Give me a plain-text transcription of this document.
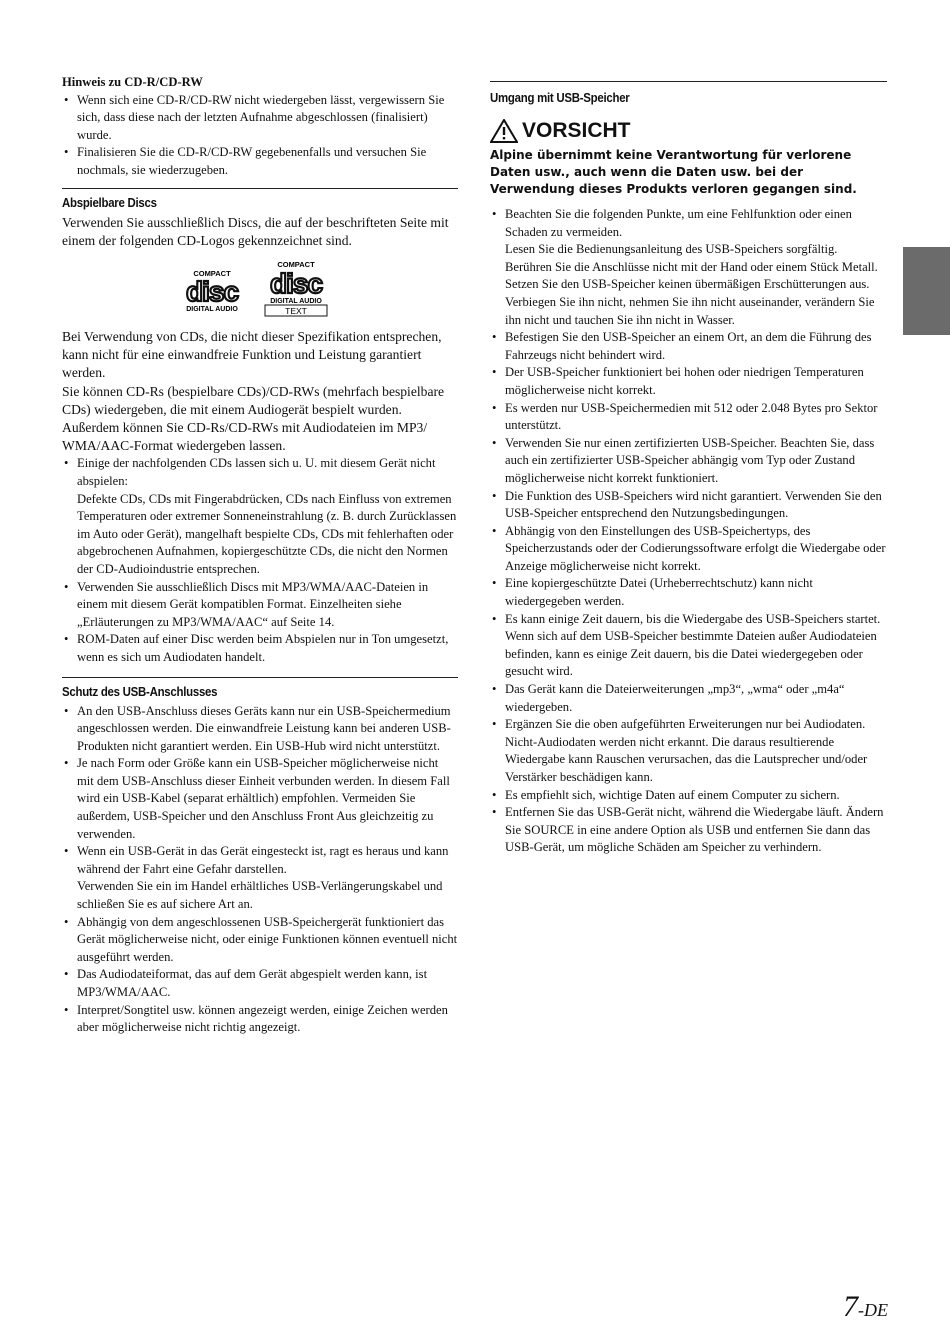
Hinweis zu CD-R/CD-RW

• Wenn sich eine CD-R/CD-RW nicht wiedergeben lässt, vergewissern Sie sich, dass diese nach der letzten Aufnahme abgeschlossen (finalisiert) wurde.
• Finalisieren Sie die CD-R/CD-RW gegebenenfalls und versuchen Sie nochmals, sie wiederzugeben.

Abspielbare Discs

Verwenden Sie ausschließlich Discs, die auf der beschrifteten Seite mit einem der folgenden CD-Logos gekennzeichnet sind.

COMPACT
disc
DIGITAL AUDIO
COMPACT
disc
DIGITAL AUDIO
TEXT

Bei Verwendung von CDs, die nicht dieser Spezifikation entsprechen, kann nicht für eine einwandfreie Funktion und Leistung garantiert werden.

Sie können CD-Rs (bespielbare CDs)/CD-RWs (mehrfach bespielbare CDs) wiedergeben, die mit einem Audiogerät bespielt wurden.

Außerdem können Sie CD-Rs/CD-RWs mit Audiodateien im MP3/ WMA/AAC-Format wiedergeben lassen.

• Einige der nachfolgenden CDs lassen sich u. U. mit diesem Gerät nicht abspielen:
Defekte CDs, CDs mit Fingerabdrücken, CDs nach Einfluss von extremen Temperaturen oder extremer Sonneneinstrahlung (z. B. durch Zurücklassen im Auto oder Gerät), mangelhaft bespielte CDs, CDs mit fehlerhaften oder abgebrochenen Aufnahmen, kopiergeschützte CDs, die nicht den Normen der CD-Audioindustrie entsprechen.
• Verwenden Sie ausschließlich Discs mit MP3/WMA/AAC-Dateien in einem mit diesem Gerät kompatiblen Format. Einzelheiten siehe „Erläuterungen zu MP3/WMA/AAC“ auf Seite 14.
• ROM-Daten auf einer Disc werden beim Abspielen nur in Ton umgesetzt, wenn es sich um Audiodaten handelt.

Schutz des USB-Anschlusses

• An den USB-Anschluss dieses Geräts kann nur ein USB-Speichermedium angeschlossen werden. Die einwandfreie Leistung kann bei anderen USB-Produkten nicht garantiert werden. Ein USB-Hub wird nicht unterstützt.
• Je nach Form oder Größe kann ein USB-Speicher möglicherweise nicht mit dem USB-Anschluss dieser Einheit verbunden werden. In diesem Fall wird ein USB-Kabel (separat erhältlich) empfohlen. Vermeiden Sie außerdem, USB-Speicher und den Anschluss Front Aus gleichzeitig zu verwenden.
• Wenn ein USB-Gerät in das Gerät eingesteckt ist, ragt es heraus und kann während der Fahrt eine Gefahr darstellen.
Verwenden Sie ein im Handel erhältliches USB-Verlängerungskabel und schließen Sie es auf sichere Art an.
• Abhängig von dem angeschlossenen USB-Speichergerät funktioniert das Gerät möglicherweise nicht, oder einige Funktionen können eventuell nicht ausgeführt werden.
• Das Audiodateiformat, das auf dem Gerät abgespielt werden kann, ist MP3/WMA/AAC.
• Interpret/Songtitel usw. können angezeigt werden, einige Zeichen werden aber möglicherweise nicht richtig angezeigt.

Umgang mit USB-Speicher

VORSICHT

Alpine übernimmt keine Verantwortung für verlorene Daten usw., auch wenn die Daten usw. bei der Verwendung dieses Produkts verloren gegangen sind.

• Beachten Sie die folgenden Punkte, um eine Fehlfunktion oder einen Schaden zu vermeiden.
Lesen Sie die Bedienungsanleitung des USB-Speichers sorgfältig.
Berühren Sie die Anschlüsse nicht mit der Hand oder einem Stück Metall.
Setzen Sie den USB-Speicher keinen übermäßigen Erschütterungen aus.
Verbiegen Sie ihn nicht, nehmen Sie ihn nicht auseinander, verändern Sie ihn nicht und tauchen Sie ihn nicht in Wasser.
• Befestigen Sie den USB-Speicher an einem Ort, an dem die Führung des Fahrzeugs nicht behindert wird.
• Der USB-Speicher funktioniert bei hohen oder niedrigen Temperaturen möglicherweise nicht korrekt.
• Es werden nur USB-Speichermedien mit 512 oder 2.048 Bytes pro Sektor unterstützt.
• Verwenden Sie nur einen zertifizierten USB-Speicher. Beachten Sie, dass auch ein zertifizierter USB-Speicher abhängig vom Typ oder Zustand möglicherweise nicht korrekt funktioniert.
• Die Funktion des USB-Speichers wird nicht garantiert. Verwenden Sie den USB-Speicher entsprechend den Nutzungsbedingungen.
• Abhängig von den Einstellungen des USB-Speichertyps, des Speicherzustands oder der Codierungssoftware erfolgt die Wiedergabe oder Anzeige möglicherweise nicht korrekt.
• Eine kopiergeschützte Datei (Urheberrechtschutz) kann nicht wiedergegeben werden.
• Es kann einige Zeit dauern, bis die Wiedergabe des USB-Speichers startet. Wenn sich auf dem USB-Speicher bestimmte Dateien außer Audiodateien befinden, kann es einige Zeit dauern, bis die Datei wiedergegeben oder gesucht wird.
• Das Gerät kann die Dateierweiterungen „mp3“, „wma“ oder „m4a“ wiedergeben.
• Ergänzen Sie die oben aufgeführten Erweiterungen nur bei Audiodaten. Nicht-Audiodaten werden nicht erkannt. Die daraus resultierende Wiedergabe kann Rauschen verursachen, das die Lautsprecher und/oder Verstärker beschädigen kann.
• Es empfiehlt sich, wichtige Daten auf einem Computer zu sichern.
• Entfernen Sie das USB-Gerät nicht, während die Wiedergabe läuft. Ändern Sie SOURCE in eine andere Option als USB und entfernen Sie dann das USB-Gerät, um mögliche Schäden am Speicher zu verhindern.
7-DE
